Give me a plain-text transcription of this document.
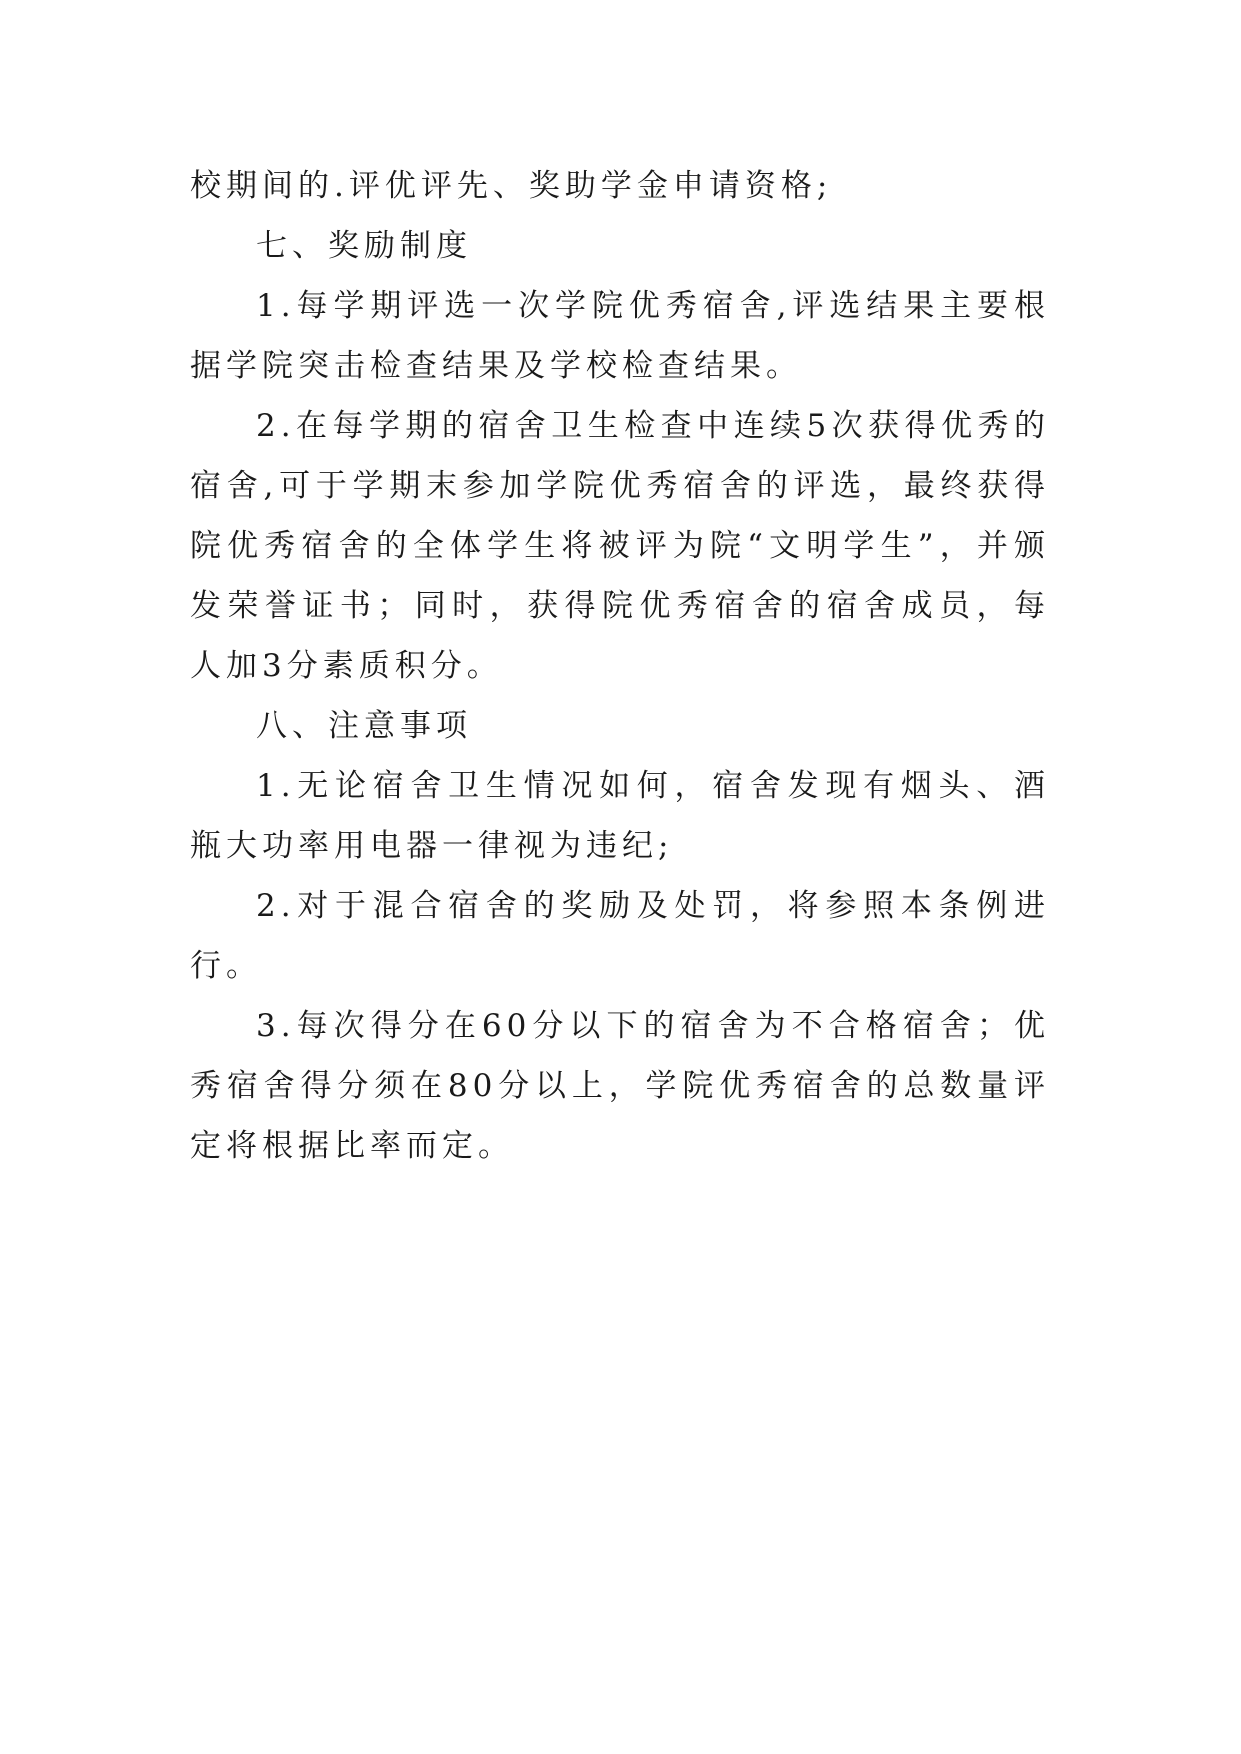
校期间的.评优评先、奖助学金申请资格;

七、奖励制度

1.每学期评选一次学院优秀宿舍,评选结果主要根据学院突击检查结果及学校检查结果。

2.在每学期的宿舍卫生检查中连续5次获得优秀的宿舍,可于学期末参加学院优秀宿舍的评选，最终获得院优秀宿舍的全体学生将被评为院“文明学生”，并颁发荣誉证书；同时，获得院优秀宿舍的宿舍成员，每人加3分素质积分。

八、注意事项

1.无论宿舍卫生情况如何，宿舍发现有烟头、酒瓶大功率用电器一律视为违纪;

2.对于混合宿舍的奖励及处罚，将参照本条例进行。

3.每次得分在60分以下的宿舍为不合格宿舍；优秀宿舍得分须在80分以上，学院优秀宿舍的总数量评定将根据比率而定。
